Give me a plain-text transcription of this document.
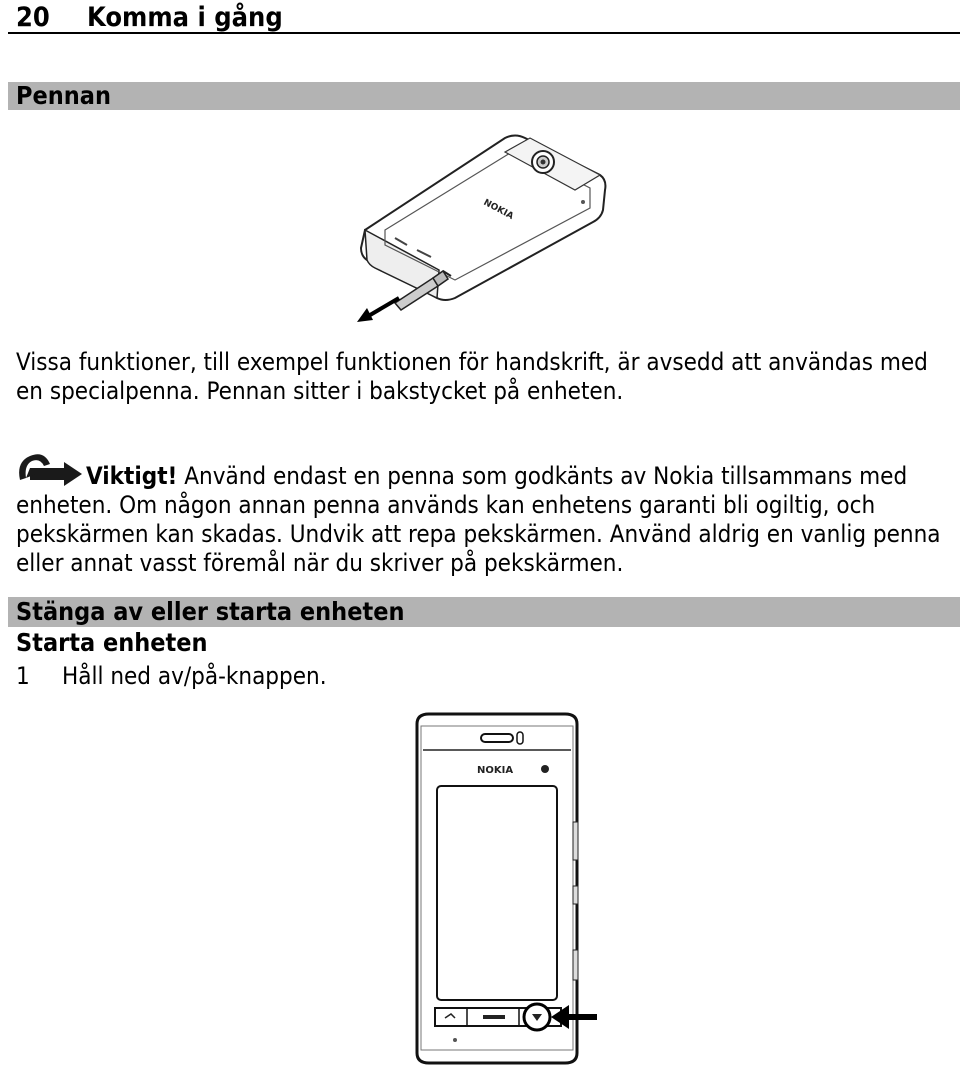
20 Komma i gång
Pennan
NOKIA
Vissa funktioner, till exempel funktionen för handskrift, är avsedd att användas med en specialpenna. Pennan sitter i bakstycket på enheten.
Viktigt! Använd endast en penna som godkänts av Nokia tillsammans med enheten. Om någon annan penna används kan enhetens garanti bli ogiltig, och pekskärmen kan skadas. Undvik att repa pekskärmen. Använd aldrig en vanlig penna eller annat vasst föremål när du skriver på pekskärmen.
Stänga av eller starta enheten
Starta enheten
1 Håll ned av/på-knappen.
NOKIA
